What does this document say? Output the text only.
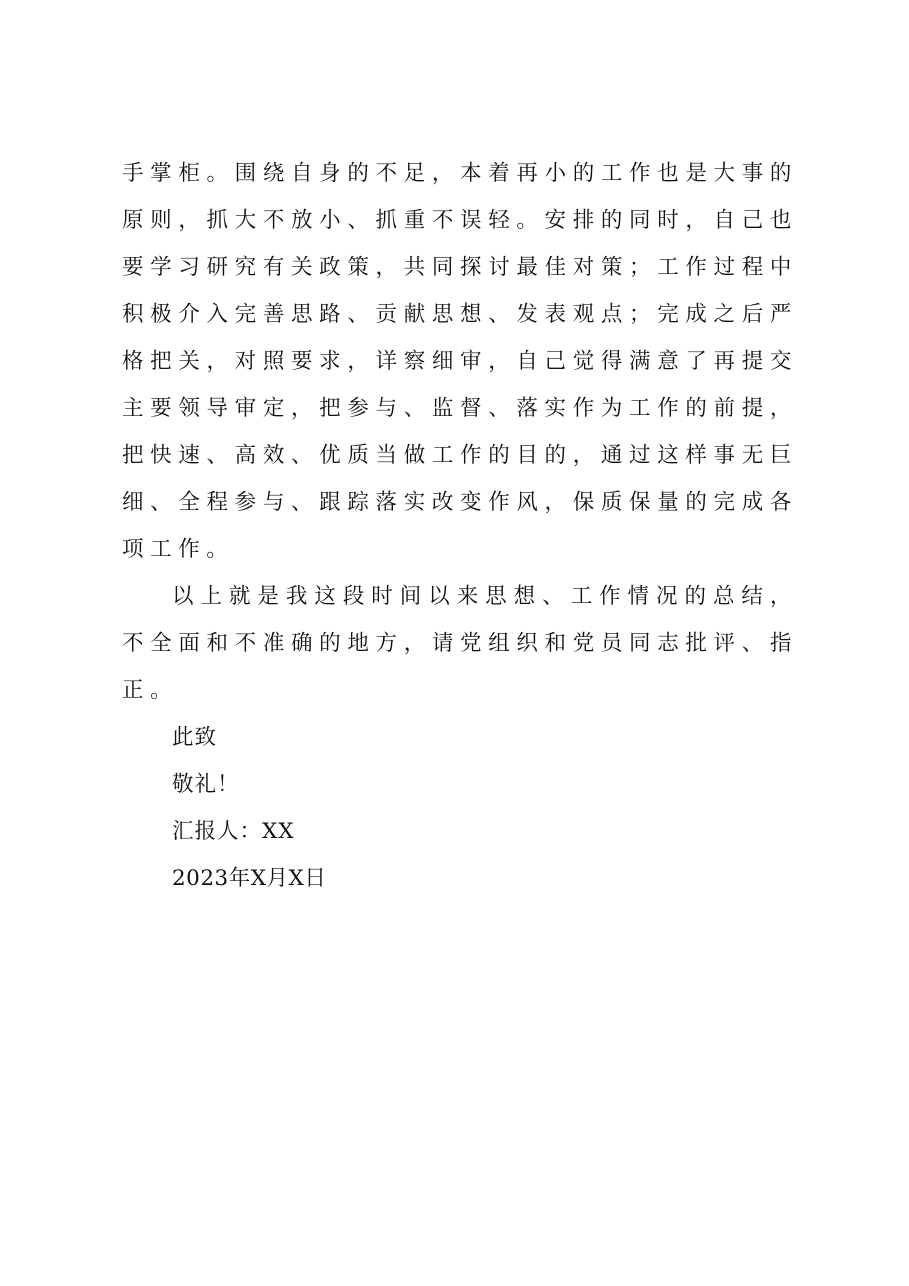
手掌柜。围绕自身的不足，本着再小的工作也是大事的原则，抓大不放小、抓重不误轻。安排的同时，自己也要学习研究有关政策，共同探讨最佳对策；工作过程中积极介入完善思路、贡献思想、发表观点；完成之后严格把关，对照要求，详察细审，自己觉得满意了再提交主要领导审定，把参与、监督、落实作为工作的前提，把快速、高效、优质当做工作的目的，通过这样事无巨细、全程参与、跟踪落实改变作风，保质保量的完成各项工作。

以上就是我这段时间以来思想、工作情况的总结，不全面和不准确的地方，请党组织和党员同志批评、指正。

此致

敬礼！

汇报人：XX

2023年X月X日
